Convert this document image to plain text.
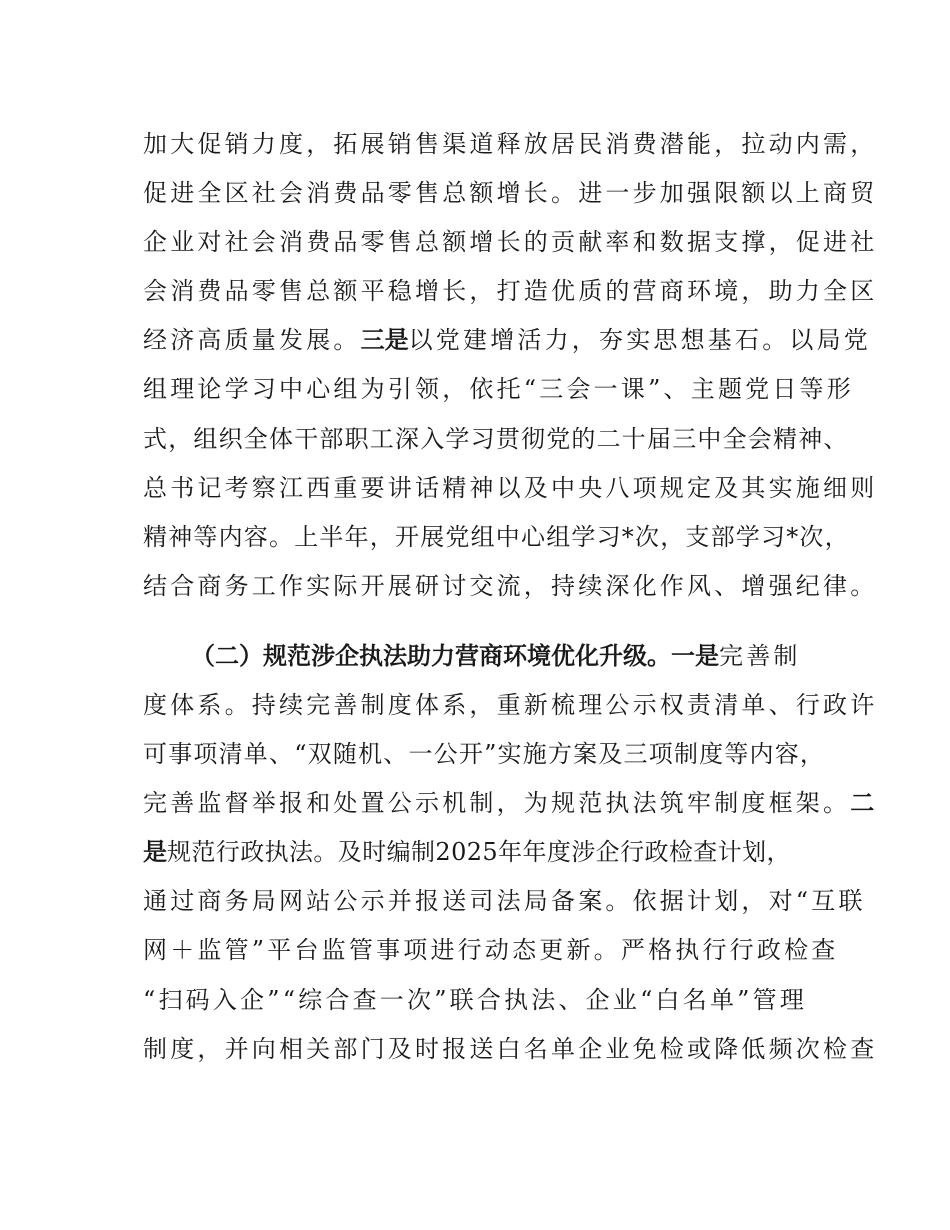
加大促销力度，拓展销售渠道释放居民消费潜能，拉动内需，
促进全区社会消费品零售总额增长。进一步加强限额以上商贸
企业对社会消费品零售总额增长的贡献率和数据支撑，促进社
会消费品零售总额平稳增长，打造优质的营商环境，助力全区
经济高质量发展。三是以党建增活力，夯实思想基石。以局党
组理论学习中心组为引领，依托“三会一课”、主题党日等形
式，组织全体干部职工深入学习贯彻党的二十届三中全会精神、
总书记考察江西重要讲话精神以及中央八项规定及其实施细则
精神等内容。上半年，开展党组中心组学习*次，支部学习*次，
结合商务工作实际开展研讨交流，持续深化作风、增强纪律。
（二）规范涉企执法助力营商环境优化升级。一是完善制
度体系。持续完善制度体系，重新梳理公示权责清单、行政许
可事项清单、“双随机、一公开”实施方案及三项制度等内容，
完善监督举报和处置公示机制，为规范执法筑牢制度框架。二
是规范行政执法。及时编制2025年年度涉企行政检查计划，
通过商务局网站公示并报送司法局备案。依据计划，对“互联
网＋监管”平台监管事项进行动态更新。严格执行行政检查
“扫码入企”“综合查一次”联合执法、企业“白名单”管理
制度，并向相关部门及时报送白名单企业免检或降低频次检查
